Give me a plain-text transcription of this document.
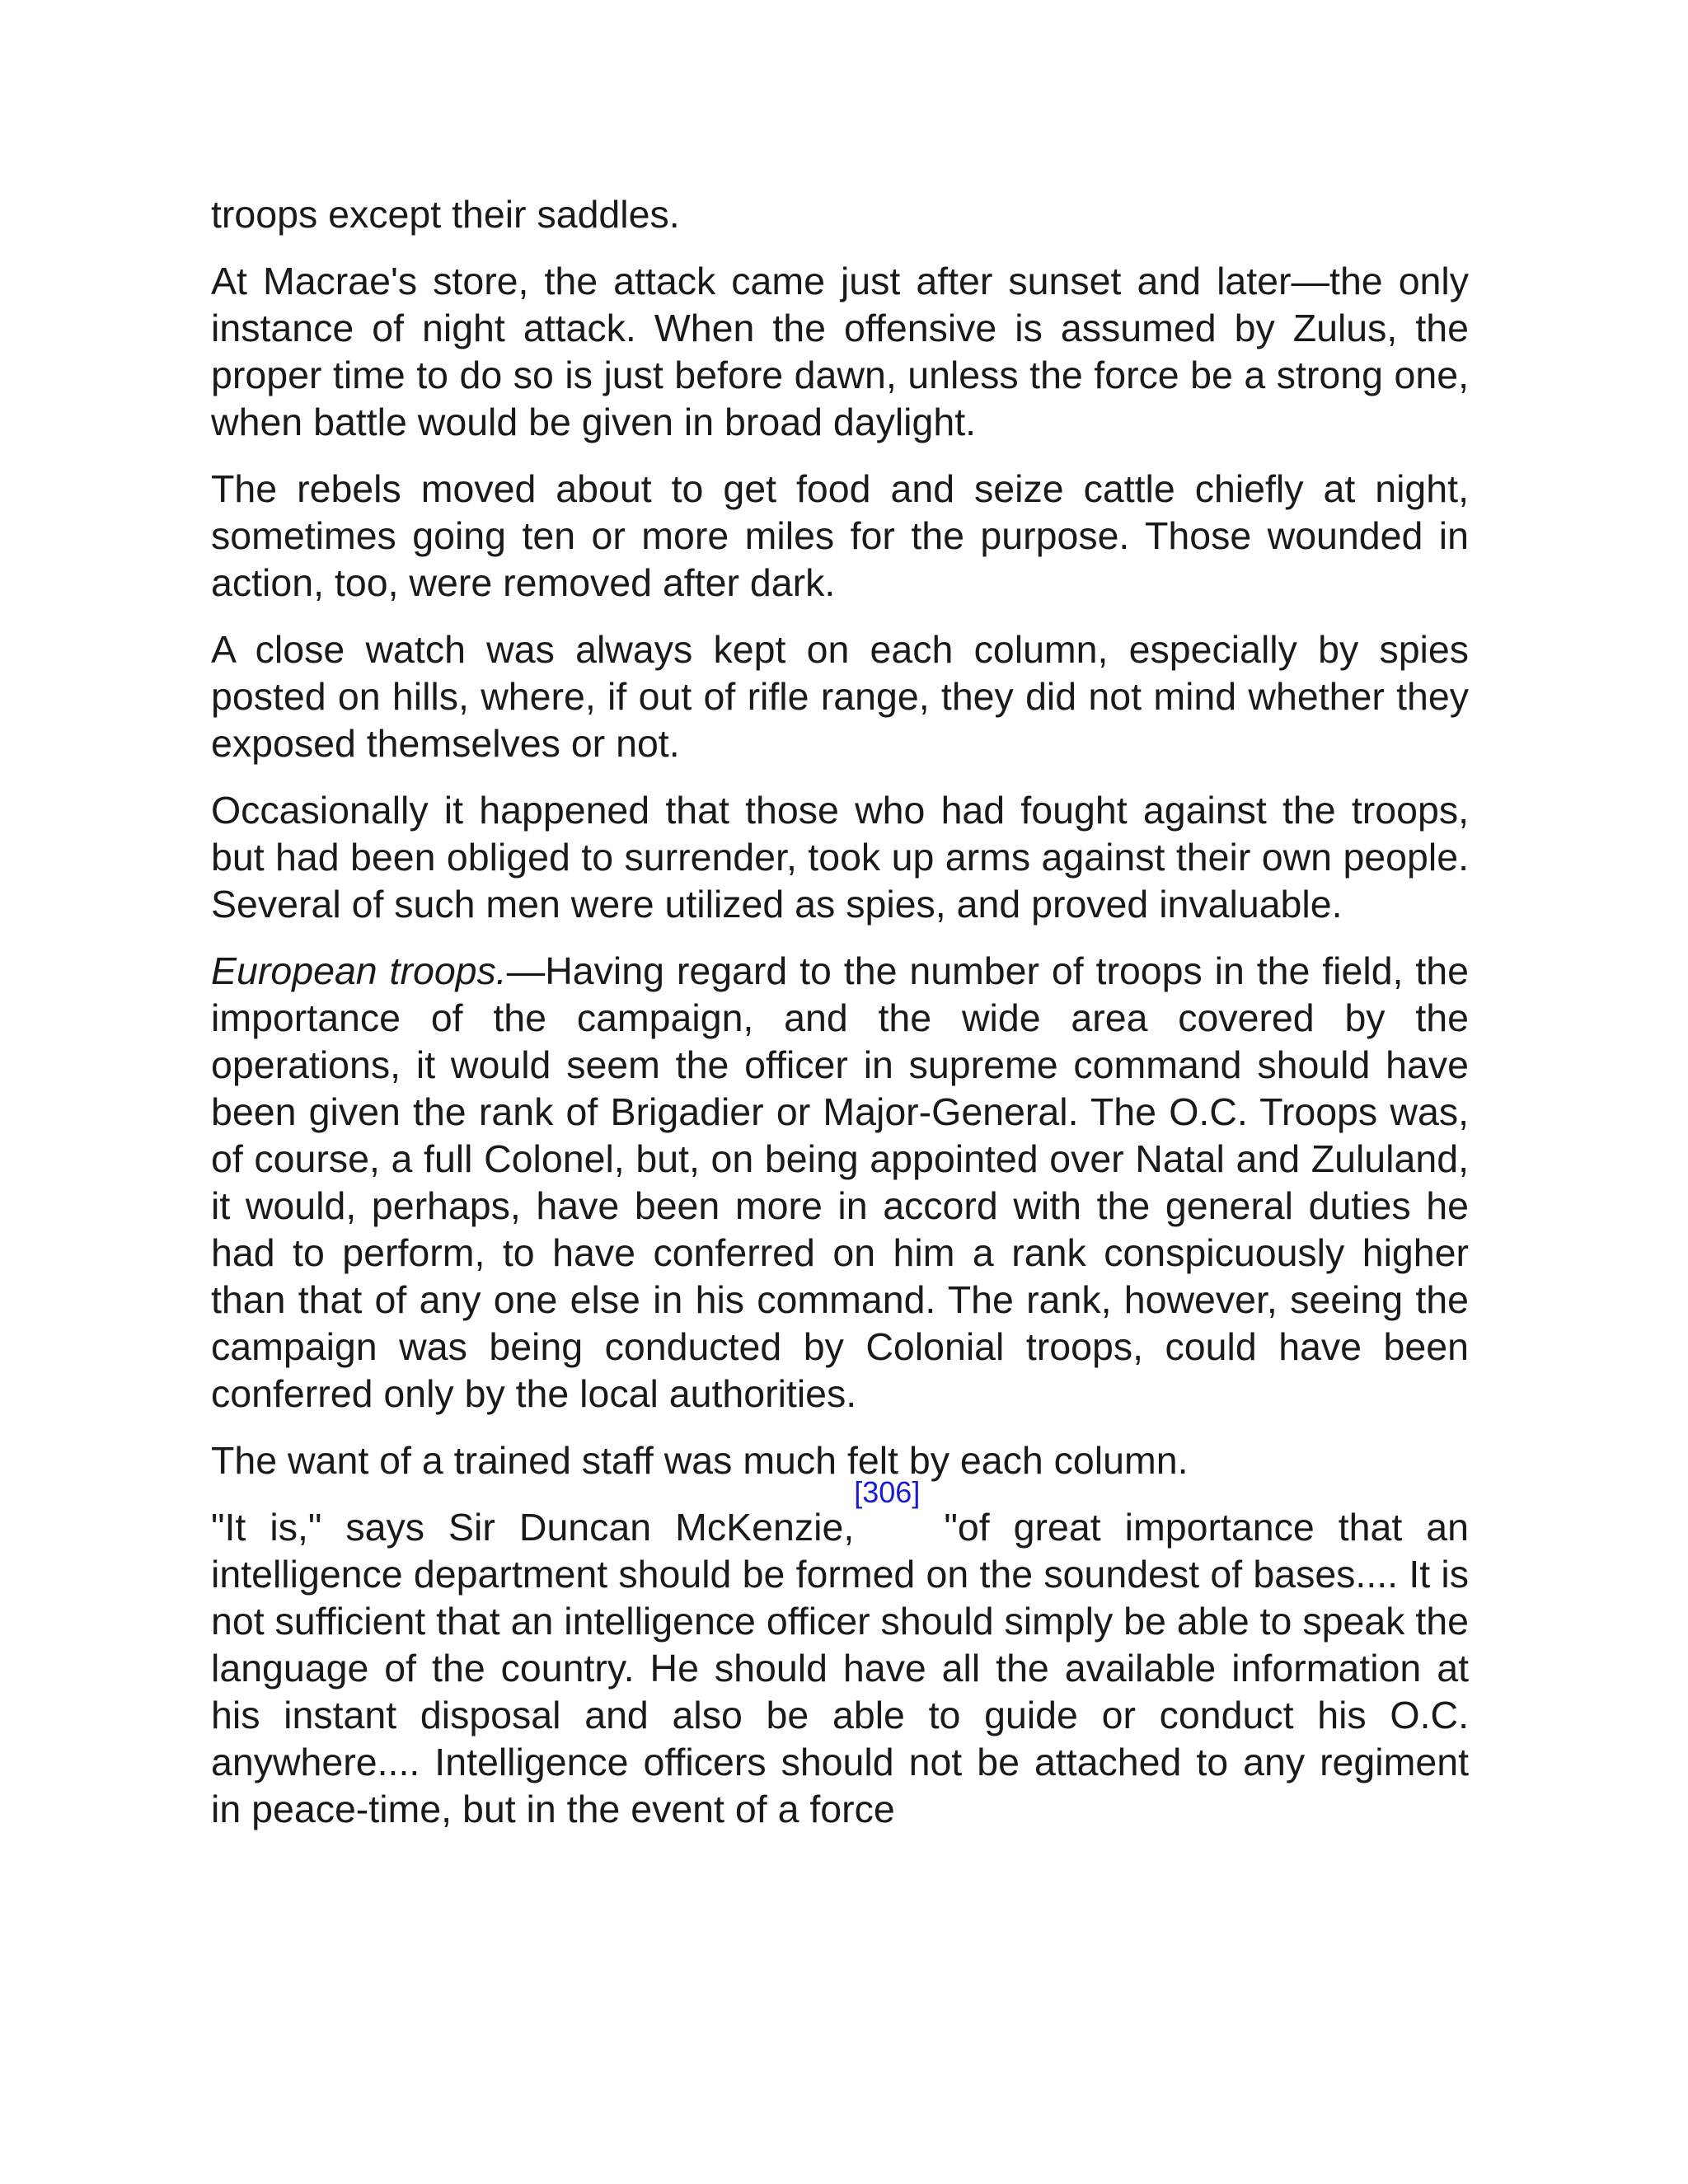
troops except their saddles.

At Macrae's store, the attack came just after sunset and later—the only instance of night attack. When the offensive is assumed by Zulus, the proper time to do so is just before dawn, unless the force be a strong one, when battle would be given in broad daylight.

The rebels moved about to get food and seize cattle chiefly at night, sometimes going ten or more miles for the purpose. Those wounded in action, too, were removed after dark.

A close watch was always kept on each column, especially by spies posted on hills, where, if out of rifle range, they did not mind whether they exposed themselves or not.

Occasionally it happened that those who had fought against the troops, but had been obliged to surrender, took up arms against their own people. Several of such men were utilized as spies, and proved invaluable.

European troops.—Having regard to the number of troops in the field, the importance of the campaign, and the wide area covered by the operations, it would seem the officer in supreme command should have been given the rank of Brigadier or Major-General. The O.C. Troops was, of course, a full Colonel, but, on being appointed over Natal and Zululand, it would, perhaps, have been more in accord with the general duties he had to perform, to have conferred on him a rank conspicuously higher than that of any one else in his command. The rank, however, seeing the campaign was being conducted by Colonial troops, could have been conferred only by the local authorities.

The want of a trained staff was much felt by each column.

"It is," says Sir Duncan McKenzie,[306] "of great importance that an intelligence department should be formed on the soundest of bases.... It is not sufficient that an intelligence officer should simply be able to speak the language of the country. He should have all the available information at his instant disposal and also be able to guide or conduct his O.C. anywhere.... Intelligence officers should not be attached to any regiment in peace-time, but in the event of a force
